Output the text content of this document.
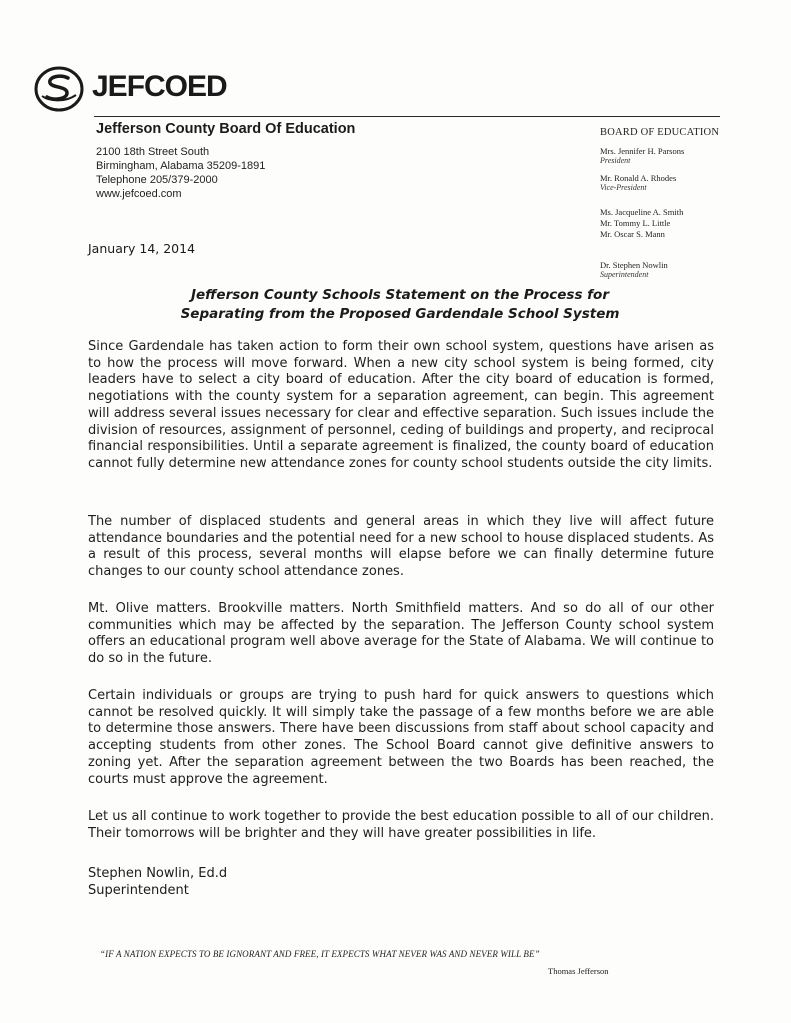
JEFCOED
Jefferson County Board Of Education
2100 18th Street South
Birmingham, Alabama 35209-1891
Telephone 205/379-2000
www.jefcoed.com
BOARD OF EDUCATION
Mrs. Jennifer H. Parsons
President
Mr. Ronald A. Rhodes
Vice-President
Ms. Jacqueline A. Smith
Mr. Tommy L. Little
Mr. Oscar S. Mann
Dr. Stephen Nowlin
Superintendent
January 14, 2014
Jefferson County Schools Statement on the Process for
Separating from the Proposed Gardendale School System
Since Gardendale has taken action to form their own school system, questions have arisen as to how the process will move forward. When a new city school system is being formed, city leaders have to select a city board of education. After the city board of education is formed, negotiations with the county system for a separation agreement, can begin. This agreement will address several issues necessary for clear and effective separation. Such issues include the division of resources, assignment of personnel, ceding of buildings and property, and reciprocal financial responsibilities. Until a separate agreement is finalized, the county board of education cannot fully determine new attendance zones for county school students outside the city limits.
The number of displaced students and general areas in which they live will affect future attendance boundaries and the potential need for a new school to house displaced students. As a result of this process, several months will elapse before we can finally determine future changes to our county school attendance zones.
Mt. Olive matters. Brookville matters. North Smithfield matters. And so do all of our other communities which may be affected by the separation. The Jefferson County school system offers an educational program well above average for the State of Alabama. We will continue to do so in the future.
Certain individuals or groups are trying to push hard for quick answers to questions which cannot be resolved quickly. It will simply take the passage of a few months before we are able to determine those answers. There have been discussions from staff about school capacity and accepting students from other zones. The School Board cannot give definitive answers to zoning yet. After the separation agreement between the two Boards has been reached, the courts must approve the agreement.
Let us all continue to work together to provide the best education possible to all of our children. Their tomorrows will be brighter and they will have greater possibilities in life.
Stephen Nowlin, Ed.d
Superintendent
“IF A NATION EXPECTS TO BE IGNORANT AND FREE, IT EXPECTS WHAT NEVER WAS AND NEVER WILL BE”
Thomas Jefferson
